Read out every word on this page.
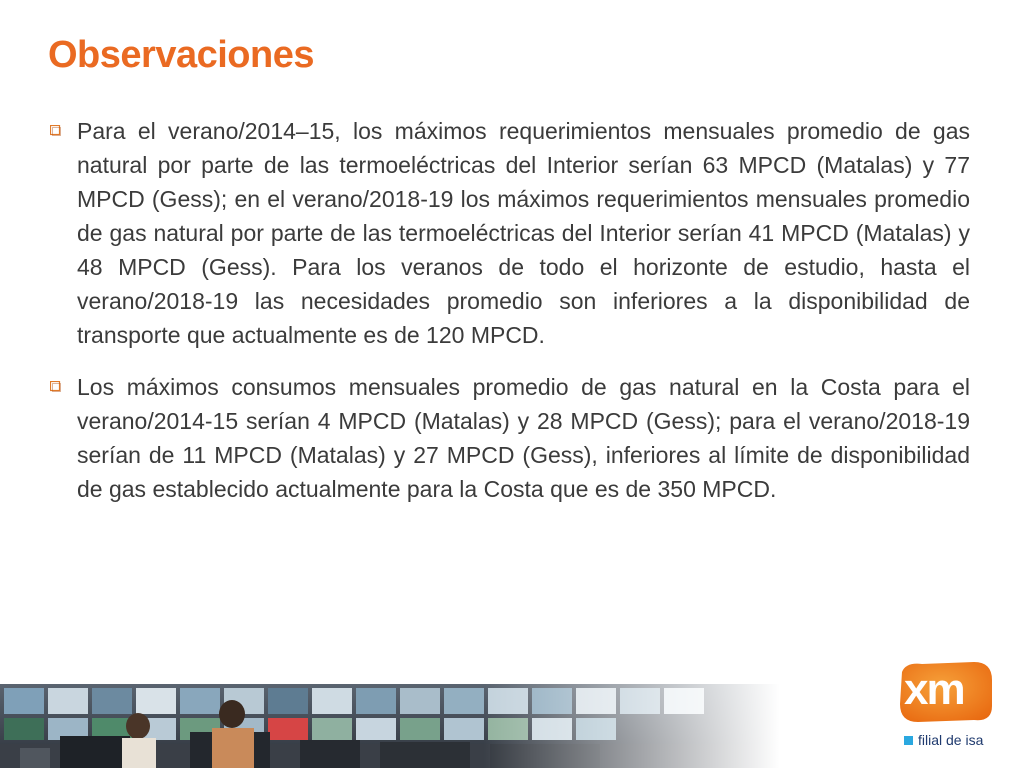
Observaciones
Para el verano/2014–15, los máximos requerimientos mensuales promedio de gas natural por parte de las termoeléctricas del Interior serían 63 MPCD (Matalas) y 77 MPCD (Gess); en el verano/2018-19 los máximos requerimientos mensuales promedio de gas natural por parte de las termoeléctricas del Interior serían 41 MPCD (Matalas) y 48 MPCD (Gess). Para los veranos de todo el horizonte de estudio, hasta el verano/2018-19 las necesidades promedio son inferiores a la disponibilidad de transporte que actualmente es de 120 MPCD.
Los máximos consumos mensuales promedio de gas natural en la Costa para el verano/2014-15 serían 4 MPCD (Matalas) y 28 MPCD (Gess); para el verano/2018-19 serían de 11 MPCD (Matalas) y 27 MPCD (Gess), inferiores al límite de disponibilidad de gas establecido actualmente para la Costa que es de 350 MPCD.
xm
filial de isa
